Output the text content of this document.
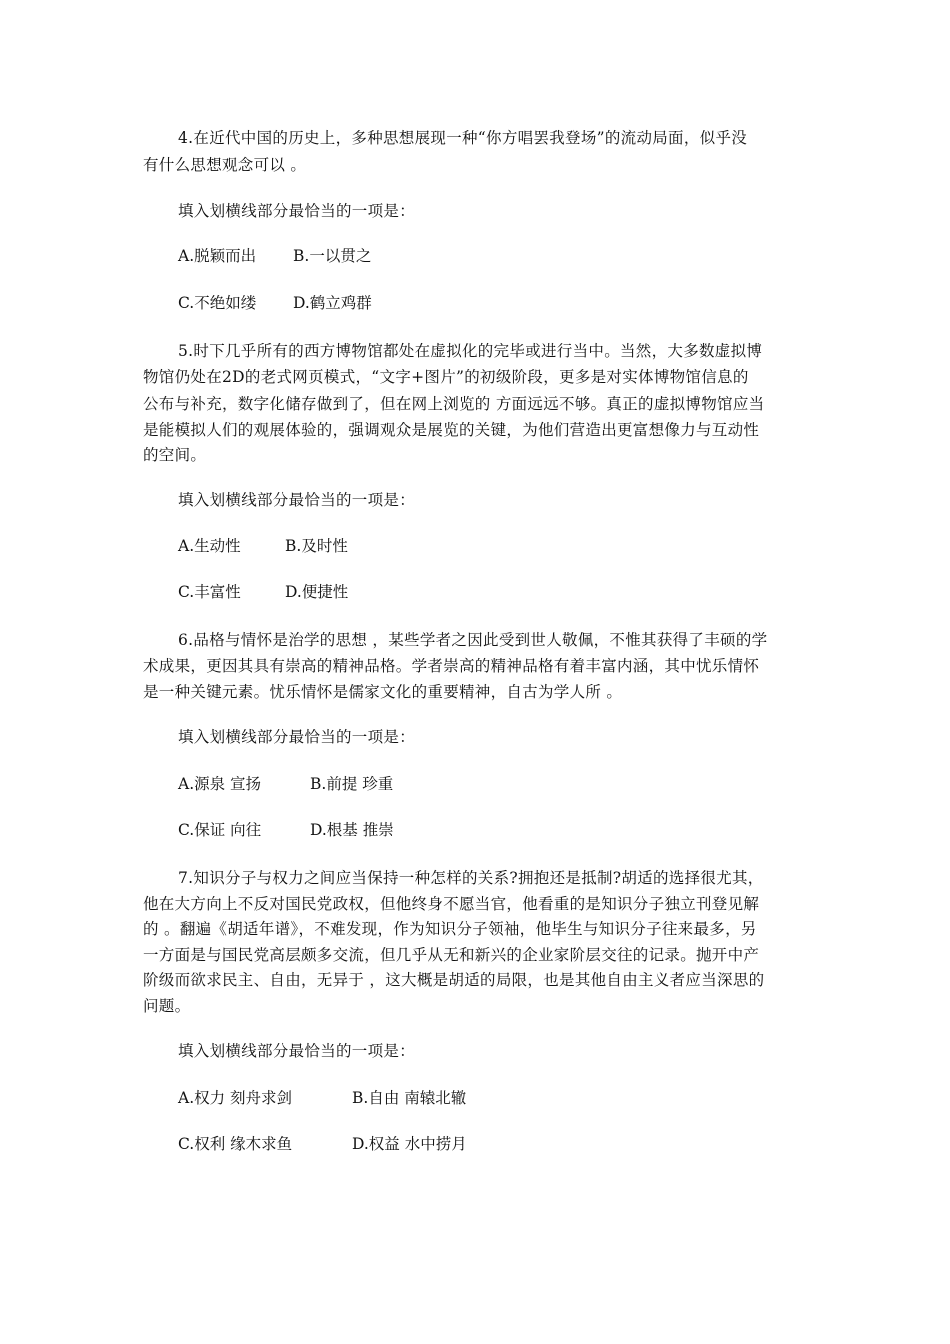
4.在近代中国的历史上，多种思想展现一种“你方唱罢我登场”的流动局面，似乎没
有什么思想观念可以 。
填入划横线部分最恰当的一项是：
A.脱颖而出 B.一以贯之
C.不绝如缕 D.鹤立鸡群
5.时下几乎所有的西方博物馆都处在虚拟化的完毕或进行当中。当然，大多数虚拟博
物馆仍处在2D的老式网页模式，“文字+图片”的初级阶段，更多是对实体博物馆信息的
公布与补充，数字化储存做到了，但在网上浏览的 方面远远不够。真正的虚拟博物馆应当
是能模拟人们的观展体验的，强调观众是展览的关键，为他们营造出更富想像力与互动性
的空间。
填入划横线部分最恰当的一项是：
A.生动性	B.及时性
C.丰富性	D.便捷性
6.品格与情怀是治学的思想 ，某些学者之因此受到世人敬佩，不惟其获得了丰硕的学
术成果，更因其具有崇高的精神品格。学者崇高的精神品格有着丰富内涵，其中忧乐情怀
是一种关键元素。忧乐情怀是儒家文化的重要精神，自古为学人所 。
填入划横线部分最恰当的一项是：
A.源泉 宣扬	B.前提 珍重
C.保证 向往	D.根基 推崇
7.知识分子与权力之间应当保持一种怎样的关系?拥抱还是抵制?胡适的选择很尤其，
他在大方向上不反对国民党政权，但他终身不愿当官，他看重的是知识分子独立刊登见解
的 。翻遍《胡适年谱》，不难发现，作为知识分子领袖，他毕生与知识分子往来最多，另
一方面是与国民党高层颇多交流，但几乎从无和新兴的企业家阶层交往的记录。抛开中产
阶级而欲求民主、自由，无异于 ，这大概是胡适的局限，也是其他自由主义者应当深思的
问题。
填入划横线部分最恰当的一项是：
A.权力 刻舟求剑	B.自由 南辕北辙
C.权利 缘木求鱼	D.权益 水中捞月
